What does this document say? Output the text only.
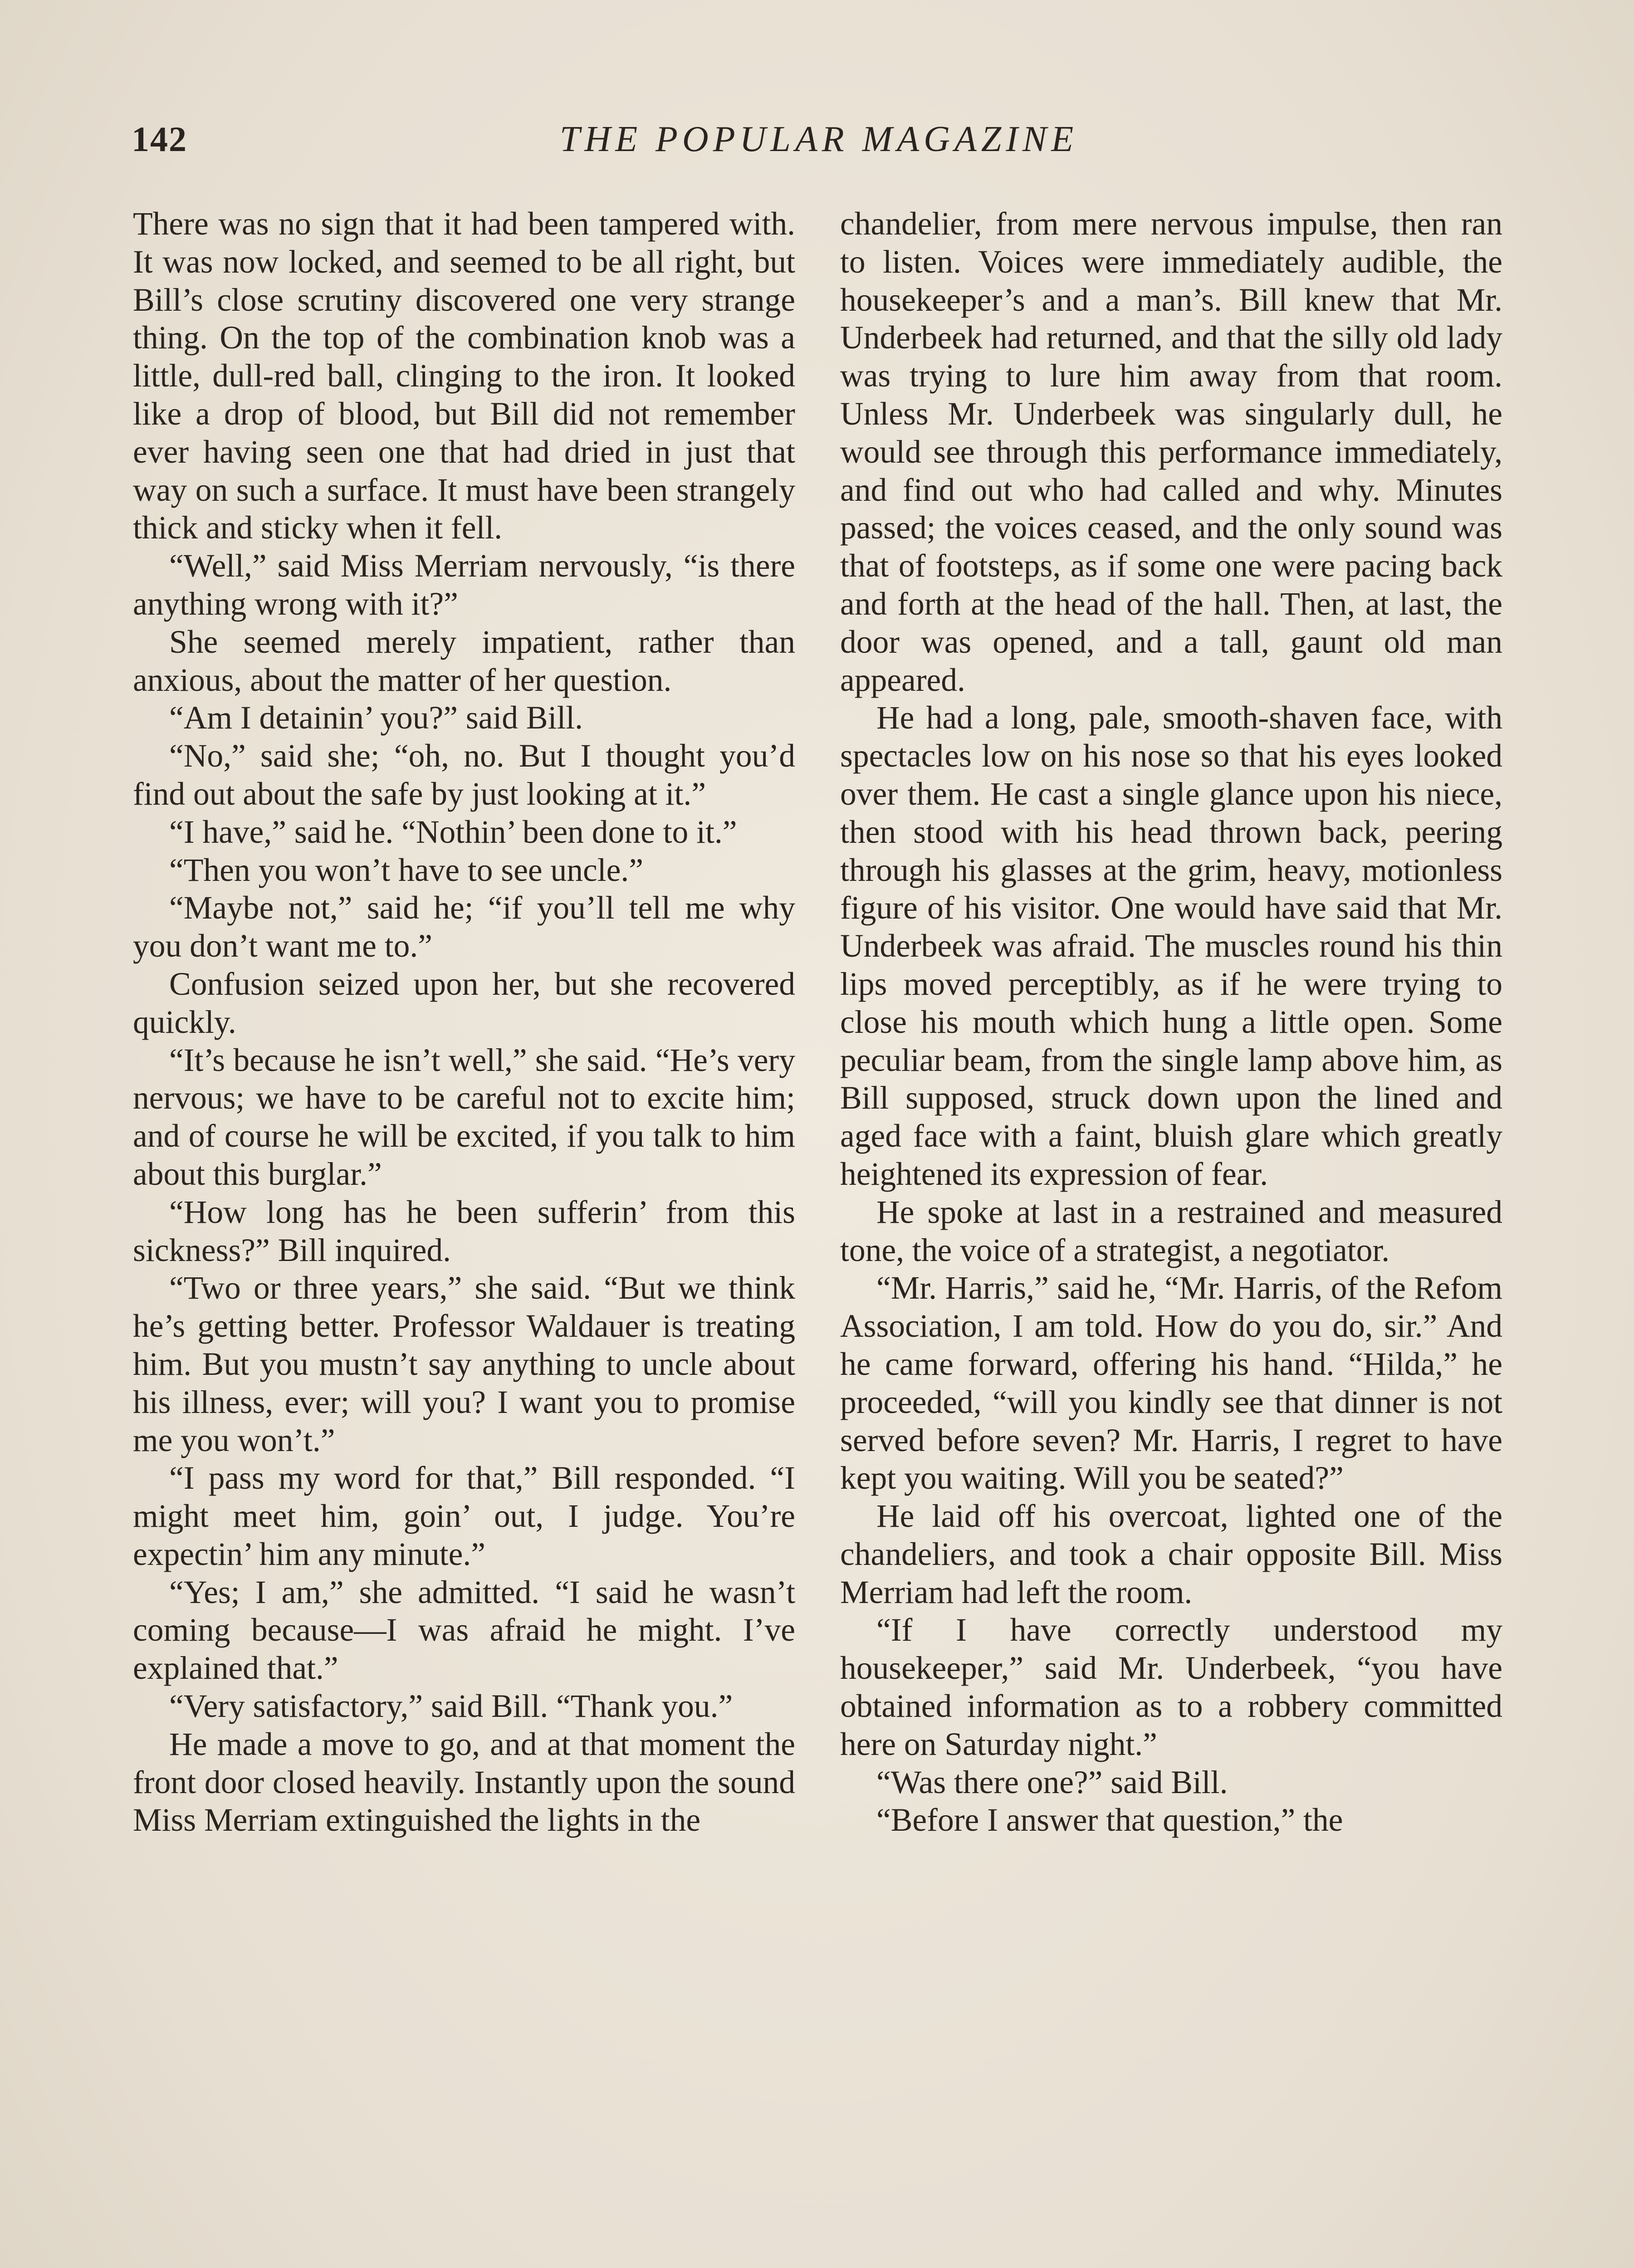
142	THE POPULAR MAGAZINE

There was no sign that it had been tampered with. It was now locked, and seemed to be all right, but Bill’s close scrutiny discovered one very strange thing. On the top of the combination knob was a little, dull-red ball, clinging to the iron. It looked like a drop of blood, but Bill did not remember ever having seen one that had dried in just that way on such a surface. It must have been strangely thick and sticky when it fell.

“Well,” said Miss Merriam nervously, “is there anything wrong with it?”

She seemed merely impatient, rather than anxious, about the matter of her question.

“Am I detainin’ you?” said Bill.

“No,” said she; “oh, no. But I thought you’d find out about the safe by just looking at it.”

“I have,” said he. “Nothin’ been done to it.”

“Then you won’t have to see uncle.”

“Maybe not,” said he; “if you’ll tell me why you don’t want me to.”

Confusion seized upon her, but she recovered quickly.

“It’s because he isn’t well,” she said. “He’s very nervous; we have to be careful not to excite him; and of course he will be excited, if you talk to him about this burglar.”

“How long has he been sufferin’ from this sickness?” Bill inquired.

“Two or three years,” she said. “But we think he’s getting better. Professor Waldauer is treating him. But you mustn’t say anything to uncle about his illness, ever; will you? I want you to promise me you won’t.”

“I pass my word for that,” Bill responded. “I might meet him, goin’ out, I judge. You’re expectin’ him any minute.”

“Yes; I am,” she admitted. “I said he wasn’t coming because—I was afraid he might. I’ve explained that.”

“Very satisfactory,” said Bill. “Thank you.”

He made a move to go, and at that moment the front door closed heavily. Instantly upon the sound Miss Merriam extinguished the lights in the

chandelier, from mere nervous impulse, then ran to listen. Voices were immediately audible, the housekeeper’s and a man’s. Bill knew that Mr. Underbeek had returned, and that the silly old lady was trying to lure him away from that room. Unless Mr. Underbeek was singularly dull, he would see through this performance immediately, and find out who had called and why. Minutes passed; the voices ceased, and the only sound was that of footsteps, as if some one were pacing back and forth at the head of the hall. Then, at last, the door was opened, and a tall, gaunt old man appeared.

He had a long, pale, smooth-shaven face, with spectacles low on his nose so that his eyes looked over them. He cast a single glance upon his niece, then stood with his head thrown back, peering through his glasses at the grim, heavy, motionless figure of his visitor. One would have said that Mr. Underbeek was afraid. The muscles round his thin lips moved perceptibly, as if he were trying to close his mouth which hung a little open. Some peculiar beam, from the single lamp above him, as Bill supposed, struck down upon the lined and aged face with a faint, bluish glare which greatly heightened its expression of fear.

He spoke at last in a restrained and measured tone, the voice of a strategist, a negotiator.

“Mr. Harris,” said he, “Mr. Harris, of the Refom Association, I am told. How do you do, sir.” And he came forward, offering his hand. “Hilda,” he proceeded, “will you kindly see that dinner is not served before seven? Mr. Harris, I regret to have kept you waiting. Will you be seated?”

He laid off his overcoat, lighted one of the chandeliers, and took a chair opposite Bill. Miss Merriam had left the room.

“If I have correctly understood my housekeeper,” said Mr. Underbeek, “you have obtained information as to a robbery committed here on Saturday night.”

“Was there one?” said Bill.

“Before I answer that question,” the
